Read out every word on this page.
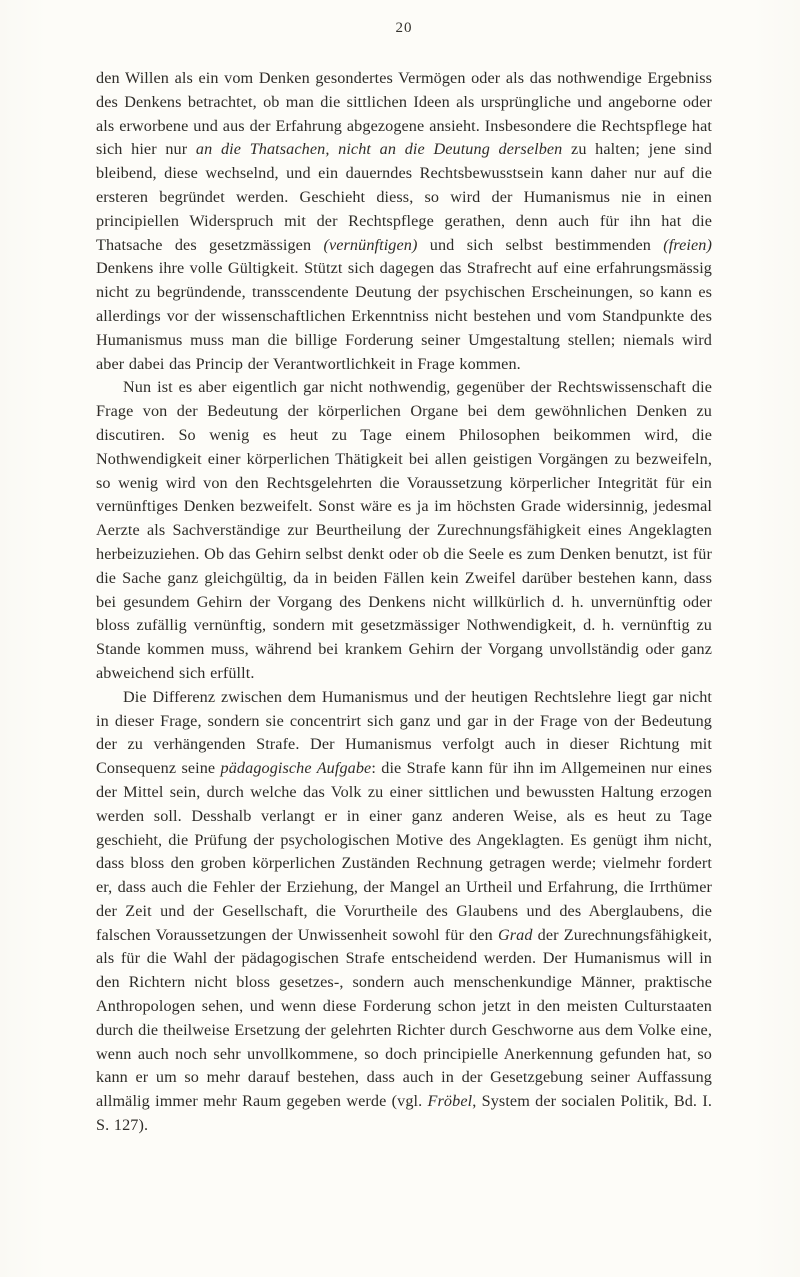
20

den Willen als ein vom Denken gesondertes Vermögen oder als das nothwendige Ergebniss des Denkens betrachtet, ob man die sittlichen Ideen als ursprüngliche und angeborne oder als erworbene und aus der Erfahrung abgezogene ansieht. Insbesondere die Rechtspflege hat sich hier nur an die Thatsachen, nicht an die Deutung derselben zu halten; jene sind bleibend, diese wechselnd, und ein dauerndes Rechtsbewusstsein kann daher nur auf die ersteren begründet werden. Geschieht diess, so wird der Humanismus nie in einen principiellen Widerspruch mit der Rechtspflege gerathen, denn auch für ihn hat die Thatsache des gesetzmässigen (vernünftigen) und sich selbst bestimmenden (freien) Denkens ihre volle Gültigkeit. Stützt sich dagegen das Strafrecht auf eine erfahrungsmässig nicht zu begründende, transscendente Deutung der psychischen Erscheinungen, so kann es allerdings vor der wissenschaftlichen Erkenntniss nicht bestehen und vom Standpunkte des Humanismus muss man die billige Forderung seiner Umgestaltung stellen; niemals wird aber dabei das Princip der Verantwortlichkeit in Frage kommen.

Nun ist es aber eigentlich gar nicht nothwendig, gegenüber der Rechtswissenschaft die Frage von der Bedeutung der körperlichen Organe bei dem gewöhnlichen Denken zu discutiren. So wenig es heut zu Tage einem Philosophen beikommen wird, die Nothwendigkeit einer körperlichen Thätigkeit bei allen geistigen Vorgängen zu bezweifeln, so wenig wird von den Rechtsgelehrten die Voraussetzung körperlicher Integrität für ein vernünftiges Denken bezweifelt. Sonst wäre es ja im höchsten Grade widersinnig, jedesmal Aerzte als Sachverständige zur Beurtheilung der Zurechnungsfähigkeit eines Angeklagten herbeizuziehen. Ob das Gehirn selbst denkt oder ob die Seele es zum Denken benutzt, ist für die Sache ganz gleichgültig, da in beiden Fällen kein Zweifel darüber bestehen kann, dass bei gesundem Gehirn der Vorgang des Denkens nicht willkürlich d. h. unvernünftig oder bloss zufällig vernünftig, sondern mit gesetzmässiger Nothwendigkeit, d. h. vernünftig zu Stande kommen muss, während bei krankem Gehirn der Vorgang unvollständig oder ganz abweichend sich erfüllt.

Die Differenz zwischen dem Humanismus und der heutigen Rechtslehre liegt gar nicht in dieser Frage, sondern sie concentrirt sich ganz und gar in der Frage von der Bedeutung der zu verhängenden Strafe. Der Humanismus verfolgt auch in dieser Richtung mit Consequenz seine pädagogische Aufgabe: die Strafe kann für ihn im Allgemeinen nur eines der Mittel sein, durch welche das Volk zu einer sittlichen und bewussten Haltung erzogen werden soll. Desshalb verlangt er in einer ganz anderen Weise, als es heut zu Tage geschieht, die Prüfung der psychologischen Motive des Angeklagten. Es genügt ihm nicht, dass bloss den groben körperlichen Zuständen Rechnung getragen werde; vielmehr fordert er, dass auch die Fehler der Erziehung, der Mangel an Urtheil und Erfahrung, die Irrthümer der Zeit und der Gesellschaft, die Vorurtheile des Glaubens und des Aberglaubens, die falschen Voraussetzungen der Unwissenheit sowohl für den Grad der Zurechnungsfähigkeit, als für die Wahl der pädagogischen Strafe entscheidend werden. Der Humanismus will in den Richtern nicht bloss gesetzes-, sondern auch menschenkundige Männer, praktische Anthropologen sehen, und wenn diese Forderung schon jetzt in den meisten Culturstaaten durch die theilweise Ersetzung der gelehrten Richter durch Geschworne aus dem Volke eine, wenn auch noch sehr unvollkommene, so doch principielle Anerkennung gefunden hat, so kann er um so mehr darauf bestehen, dass auch in der Gesetzgebung seiner Auffassung allmälig immer mehr Raum gegeben werde (vgl. Fröbel, System der socialen Politik, Bd. I. S. 127).
